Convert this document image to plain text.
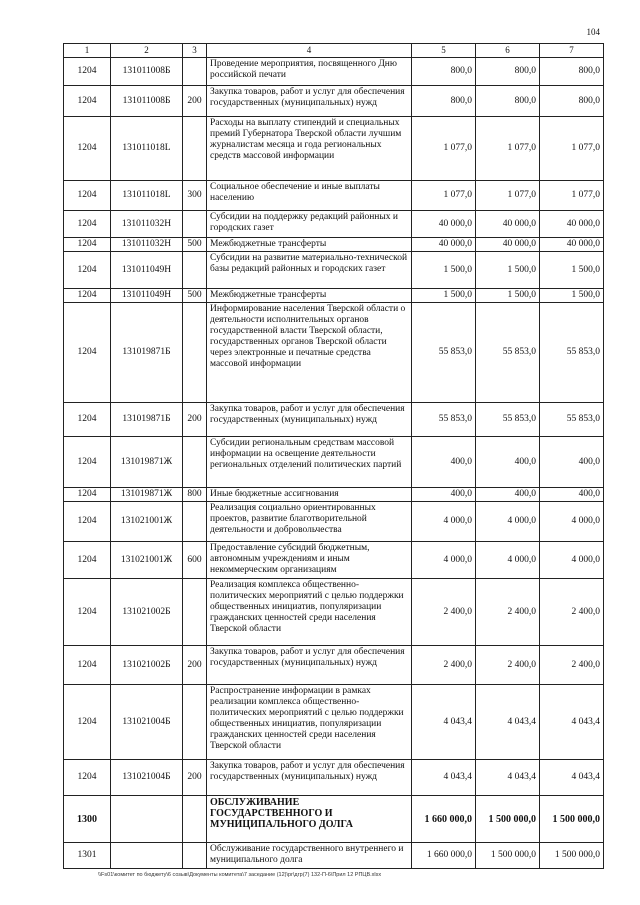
104
1	2	3	4	5	6	7
1204	131011008Б		Проведение мероприятия, посвященного Дню российской печати	800,0	800,0	800,0
1204	131011008Б	200	Закупка товаров, работ и услуг для обеспечения государственных (муниципальных) нужд	800,0	800,0	800,0
1204	131011018L		Расходы на выплату стипендий и специальных премий Губернатора Тверской области лучшим журналистам месяца и года региональных средств массовой информации	1 077,0	1 077,0	1 077,0
1204	131011018L	300	Социальное обеспечение и иные выплаты населению	1 077,0	1 077,0	1 077,0
1204	131011032Н		Субсидии на поддержку редакций районных и городских газет	40 000,0	40 000,0	40 000,0
1204	131011032Н	500	Межбюджетные трансферты	40 000,0	40 000,0	40 000,0
1204	131011049Н		Субсидии на развитие материально-технической базы редакций районных и городских газет	1 500,0	1 500,0	1 500,0
1204	131011049Н	500	Межбюджетные трансферты	1 500,0	1 500,0	1 500,0
1204	131019871Б		Информирование населения Тверской области о деятельности исполнительных органов государственной власти Тверской области, государственных органов Тверской области через электронные и печатные средства массовой информации	55 853,0	55 853,0	55 853,0
1204	131019871Б	200	Закупка товаров, работ и услуг для обеспечения государственных (муниципальных) нужд	55 853,0	55 853,0	55 853,0
1204	131019871Ж		Субсидии региональным средствам массовой информации на освещение деятельности региональных отделений политических партий	400,0	400,0	400,0
1204	131019871Ж	800	Иные бюджетные ассигнования	400,0	400,0	400,0
1204	131021001Ж		Реализация социально ориентированных проектов, развитие благотворительной деятельности и добровольчества	4 000,0	4 000,0	4 000,0
1204	131021001Ж	600	Предоставление субсидий бюджетным, автономным учреждениям и иным некоммерческим организациям	4 000,0	4 000,0	4 000,0
1204	131021002Б		Реализация комплекса общественно-политических мероприятий с целью поддержки общественных инициатив, популяризации гражданских ценностей среди населения Тверской области	2 400,0	2 400,0	2 400,0
1204	131021002Б	200	Закупка товаров, работ и услуг для обеспечения государственных (муниципальных) нужд	2 400,0	2 400,0	2 400,0
1204	131021004Б		Распространение информации в рамках реализации комплекса общественно-политических мероприятий с целью поддержки общественных инициатив, популяризации гражданских ценностей среди населения Тверской области	4 043,4	4 043,4	4 043,4
1204	131021004Б	200	Закупка товаров, работ и услуг для обеспечения государственных (муниципальных) нужд	4 043,4	4 043,4	4 043,4
1300			ОБСЛУЖИВАНИЕ ГОСУДАРСТВЕННОГО И МУНИЦИПАЛЬНОГО ДОЛГА	1 660 000,0	1 500 000,0	1 500 000,0
1301			Обслуживание государственного внутреннего и муниципального долга	1 660 000,0	1 500 000,0	1 500 000,0
\\Fs01\комитет по бюджету\6 созыв\Документы комитета\7 заседание (12)\pr\дгр(7) 132-П-6\Прил 12 РПЦВ.xlsx
